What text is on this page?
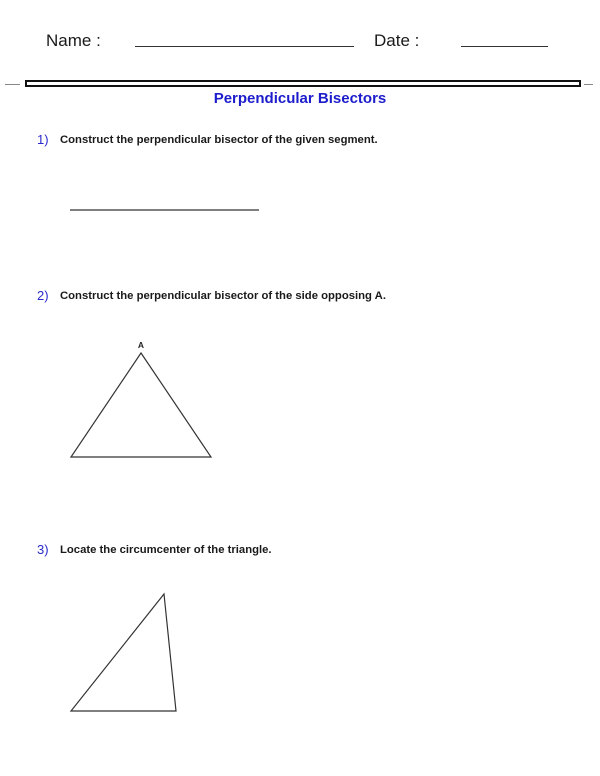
Name :	Date :
Perpendicular Bisectors
1) Construct the perpendicular bisector of the given segment.
2) Construct the perpendicular bisector of the side opposing A.
3) Locate the circumcenter of the triangle.
A
